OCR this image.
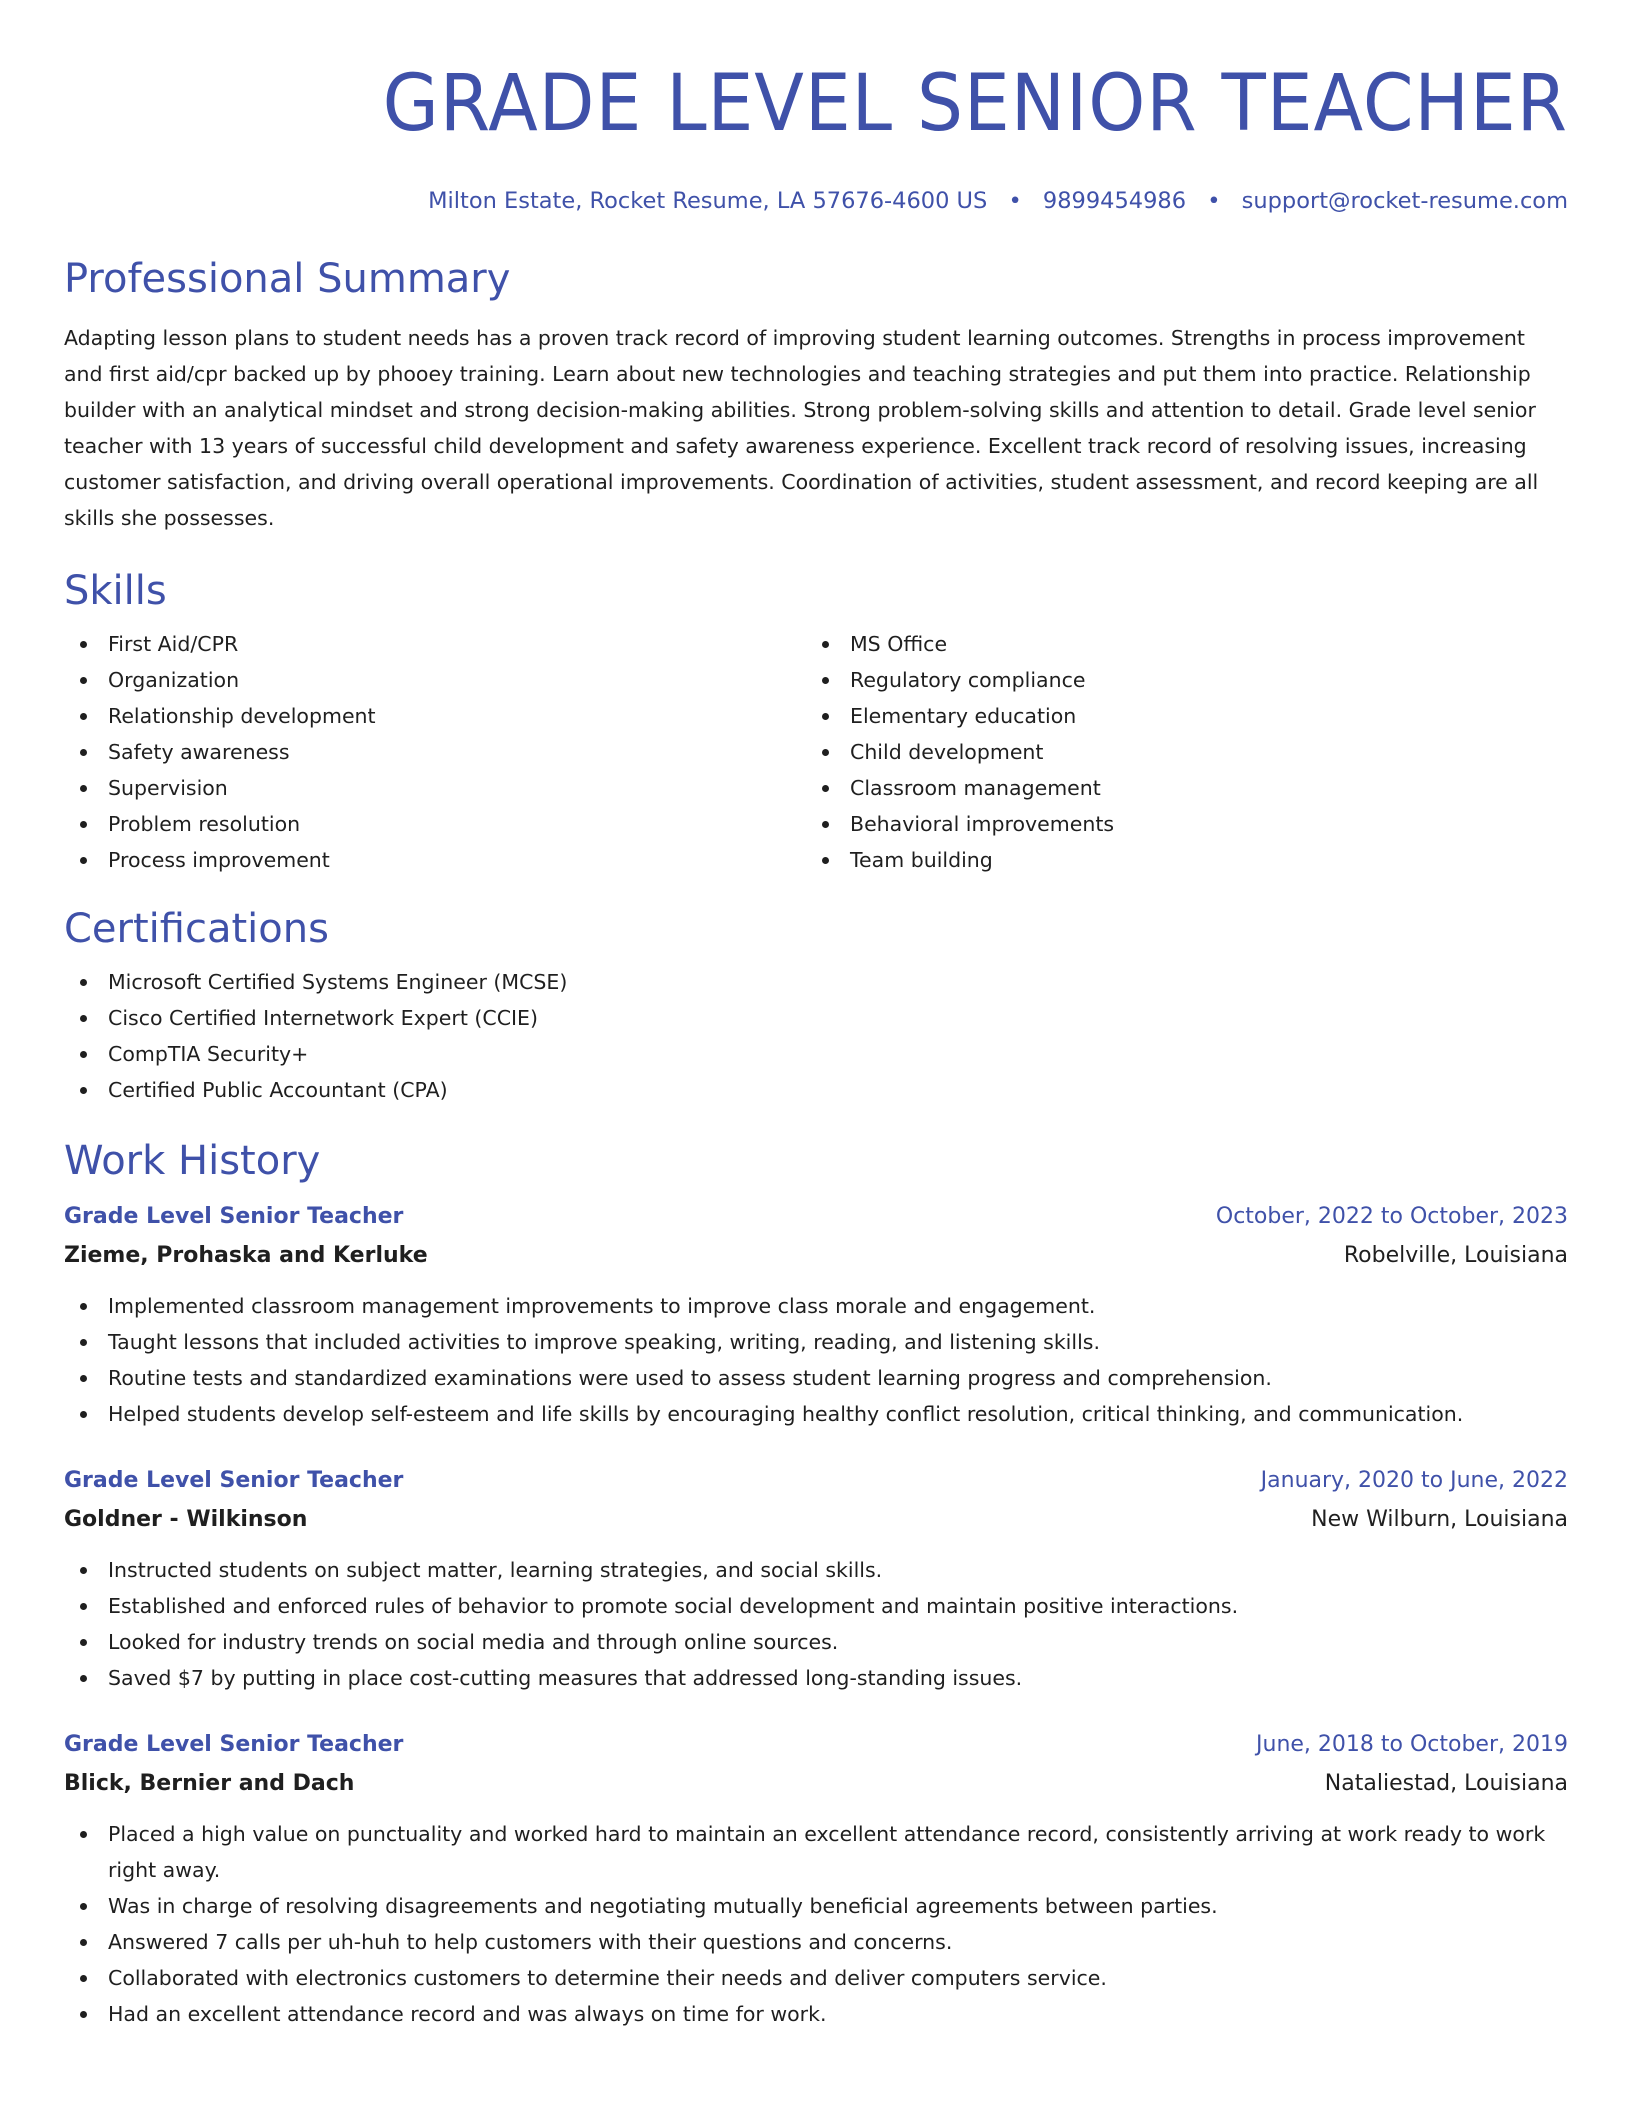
GRADE LEVEL SENIOR TEACHER
Milton Estate, Rocket Resume, LA 57676-4600 US • 9899454986 • support@rocket-resume.com
Professional Summary

Adapting lesson plans to student needs has a proven track record of improving student learning outcomes. Strengths in process improvement and first aid/cpr backed up by phooey training. Learn about new technologies and teaching strategies and put them into practice. Relationship builder with an analytical mindset and strong decision-making abilities. Strong problem-solving skills and attention to detail. Grade level senior teacher with 13 years of successful child development and safety awareness experience. Excellent track record of resolving issues, increasing customer satisfaction, and driving overall operational improvements. Coordination of activities, student assessment, and record keeping are all skills she possesses.

Skills
First Aid/CPR
Organization
Relationship development
Safety awareness
Supervision
Problem resolution
Process improvement
MS Office
Regulatory compliance
Elementary education
Child development
Classroom management
Behavioral improvements
Team building
Certifications
Microsoft Certified Systems Engineer (MCSE)
Cisco Certified Internetwork Expert (CCIE)
CompTIA Security+
Certified Public Accountant (CPA)
Work History
Grade Level Senior Teacher	October, 2022 to October, 2023
Zieme, Prohaska and Kerluke	Robelville, Louisiana
Implemented classroom management improvements to improve class morale and engagement.
Taught lessons that included activities to improve speaking, writing, reading, and listening skills.
Routine tests and standardized examinations were used to assess student learning progress and comprehension.
Helped students develop self-esteem and life skills by encouraging healthy conflict resolution, critical thinking, and communication.
Grade Level Senior Teacher	January, 2020 to June, 2022
Goldner - Wilkinson	New Wilburn, Louisiana
Instructed students on subject matter, learning strategies, and social skills.
Established and enforced rules of behavior to promote social development and maintain positive interactions.
Looked for industry trends on social media and through online sources.
Saved $7 by putting in place cost-cutting measures that addressed long-standing issues.
Grade Level Senior Teacher	June, 2018 to October, 2019
Blick, Bernier and Dach	Nataliestad, Louisiana
Placed a high value on punctuality and worked hard to maintain an excellent attendance record, consistently arriving at work ready to work right away.
Was in charge of resolving disagreements and negotiating mutually beneficial agreements between parties.
Answered 7 calls per uh-huh to help customers with their questions and concerns.
Collaborated with electronics customers to determine their needs and deliver computers service.
Had an excellent attendance record and was always on time for work.
